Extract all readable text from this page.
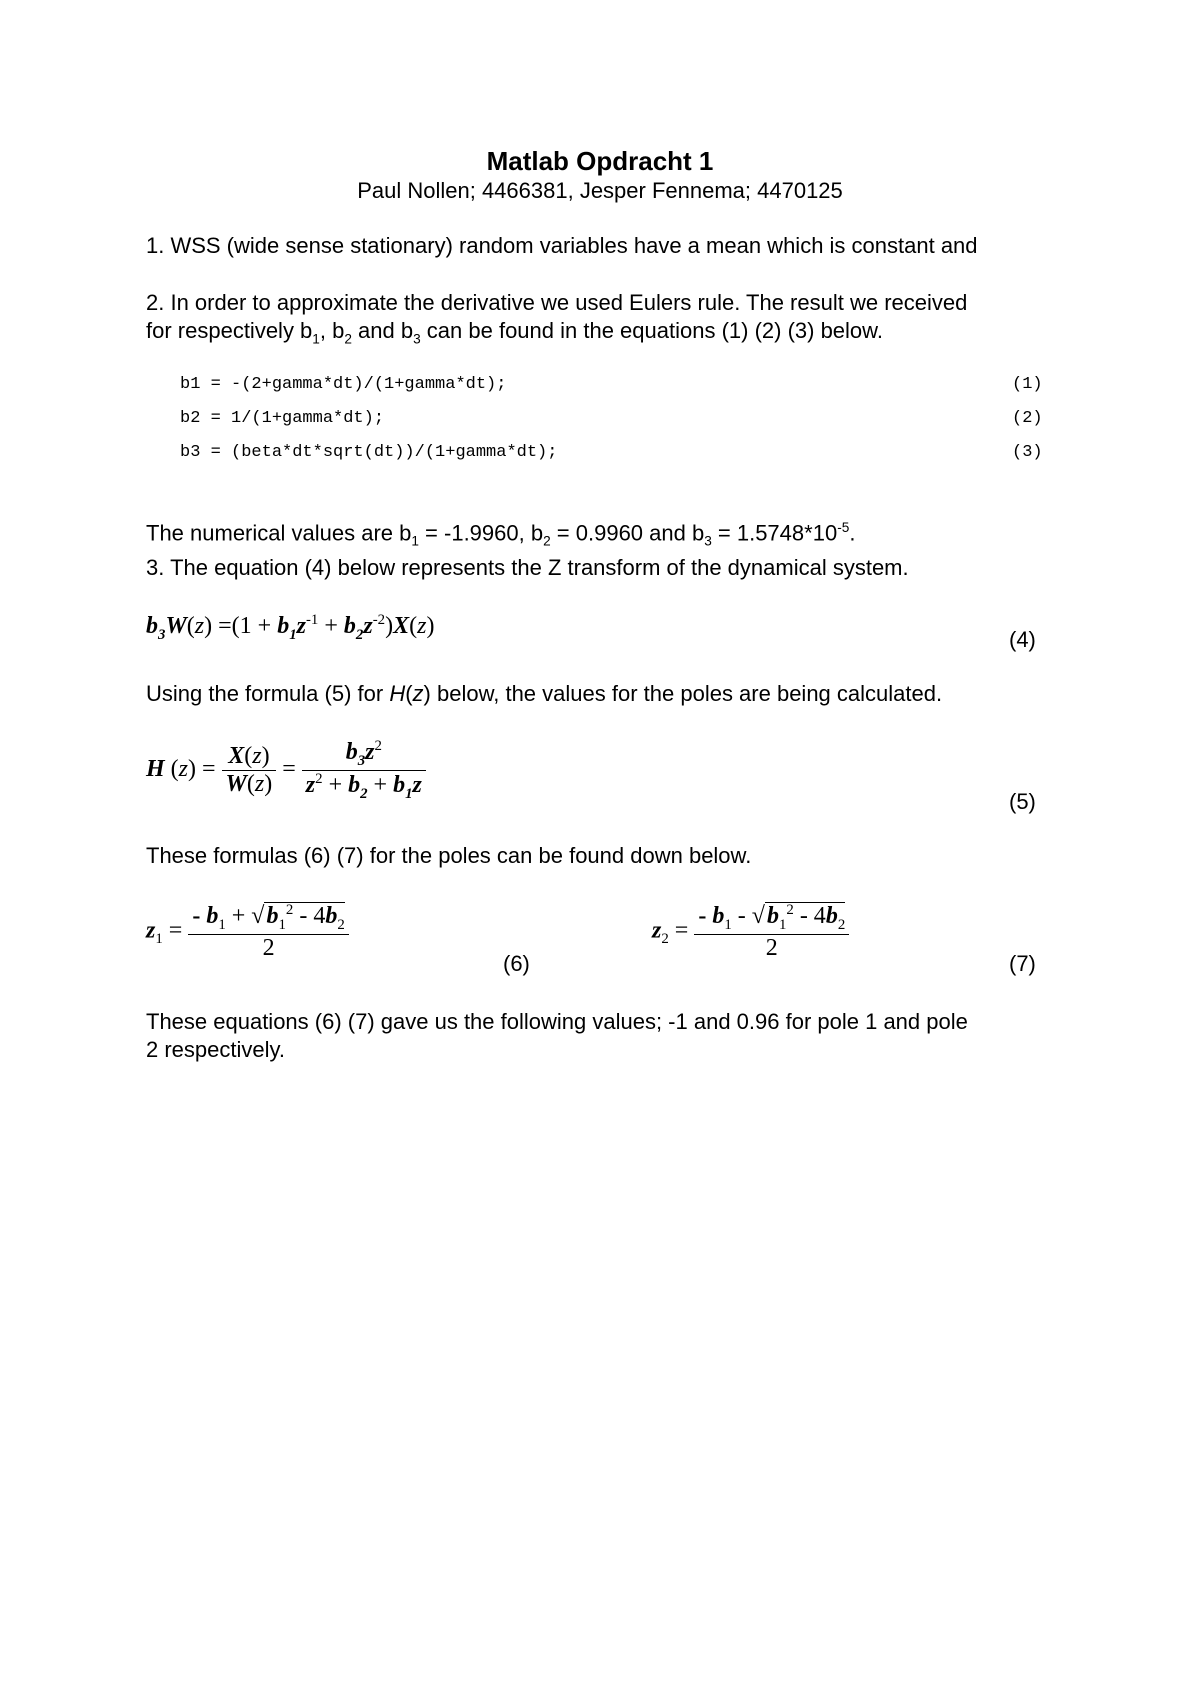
Matlab Opdracht 1
Paul Nollen; 4466381, Jesper Fennema; 4470125
1. WSS (wide sense stationary) random variables have a mean which is constant and
2. In order to approximate the derivative we used Eulers rule. The result we received
for respectively $b_1$, $b_2$ and $b_3$ can be found in the equations (1) (2) (3) below.
b1 = -(2+gamma*dt)/(1+gamma*dt);	(1)
b2 = 1/(1+gamma*dt);	(2)
b3 = (beta*dt*sqrt(dt))/(1+gamma*dt);	(3)
The numerical values are $b_1 = -1.9960$, $b_2 = 0.9960$ and $b_3 = 1.5748*10^{-5}$.
3. The equation (4) below represents the Z transform of the dynamical system.
$b_3W(z) =(1 + b_1z^{-1} + b_2z^{-2})X(z)$
(4)
Using the formula (5) for H(z) below, the values for the poles are being calculated.
H $(z) = \frac{X(z)}{W(z)} = \frac{b_3z^2}{z^2 + b_2 + b_1z}$	(5)
These formulas (6) (7) for the poles can be found down below.
$z_1 = \frac{- b_1 + √b_1^2 - 4b_2}{2}$
(6)
$z_2 = \frac{- b_1 - √b_1^2 - 4b_2}{2}$
(7)
These equations (6) (7) gave us the following values; -1 and 0.96 for pole 1 and pole
2 respectively.
